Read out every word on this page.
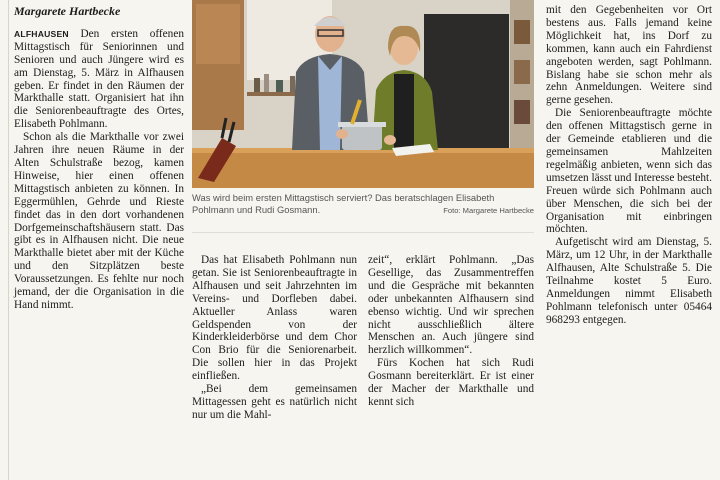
Margarete Hartbecke

ALFHAUSEN Den ersten offenen Mittagstisch für Seniorinnen und Senioren und auch Jüngere wird es am Dienstag, 5. März in Alfhausen geben. Er findet in den Räumen der Markthalle statt. Organisiert hat ihn die Seniorenbeauftragte des Ortes, Elisabeth Pohlmann.

Schon als die Markthalle vor zwei Jahren ihre neuen Räume in der Alten Schulstraße bezog, kamen Hinweise, hier einen offenen Mittagstisch anbieten zu können. In Eggermühlen, Gehrde und Rieste findet das in den dort vorhandenen Dorfgemeinschaftshäusern statt. Das gibt es in Alfhausen nicht. Die neue Markthalle bietet aber mit der Küche und den Sitzplätzen beste Voraussetzungen. Es fehlte nur noch jemand, der die Organisation in die Hand nimmt.

Was wird beim ersten Mittagstisch serviert? Das beratschlagen Elisabeth Pohlmann und Rudi Gosmann.	Foto: Margarete Hartbecke

Das hat Elisabeth Pohlmann nun getan. Sie ist Seniorenbeauftragte in Alfhausen und seit Jahrzehnten im Vereins- und Dorfleben dabei. Aktueller Anlass waren Geldspenden von der Kinderkleiderbörse und dem Chor Con Brio für die Seniorenarbeit. Die sollen hier in das Projekt einfließen.

„Bei dem gemeinsamen Mittagessen geht es natürlich nicht nur um die Mahl-

zeit“, erklärt Pohlmann. „Das Gesellige, das Zusammentreffen und die Gespräche mit bekannten oder unbekannten Alfhausern sind ebenso wichtig. Und wir sprechen nicht ausschließlich ältere Menschen an. Auch jüngere sind herzlich willkommen“.

Fürs Kochen hat sich Rudi Gosmann bereiterklärt. Er ist einer der Macher der Markthalle und kennt sich

mit den Gegebenheiten vor Ort bestens aus. Falls jemand keine Möglichkeit hat, ins Dorf zu kommen, kann auch ein Fahrdienst angeboten werden, sagt Pohlmann. Bislang habe sie schon mehr als zehn Anmeldungen. Weitere sind gerne gesehen.

Die Seniorenbeauftragte möchte den offenen Mittagstisch gerne in der Gemeinde etablieren und die gemeinsamen Mahlzeiten regelmäßig anbieten, wenn sich das umsetzen lässt und Interesse besteht. Freuen würde sich Pohlmann auch über Menschen, die sich bei der Organisation mit einbringen möchten.

Aufgetischt wird am Dienstag, 5. März, um 12 Uhr, in der Markthalle Alfhausen, Alte Schulstraße 5. Die Teilnahme kostet 5 Euro. Anmeldungen nimmt Elisabeth Pohlmann telefonisch unter 05464 968293 entgegen.
